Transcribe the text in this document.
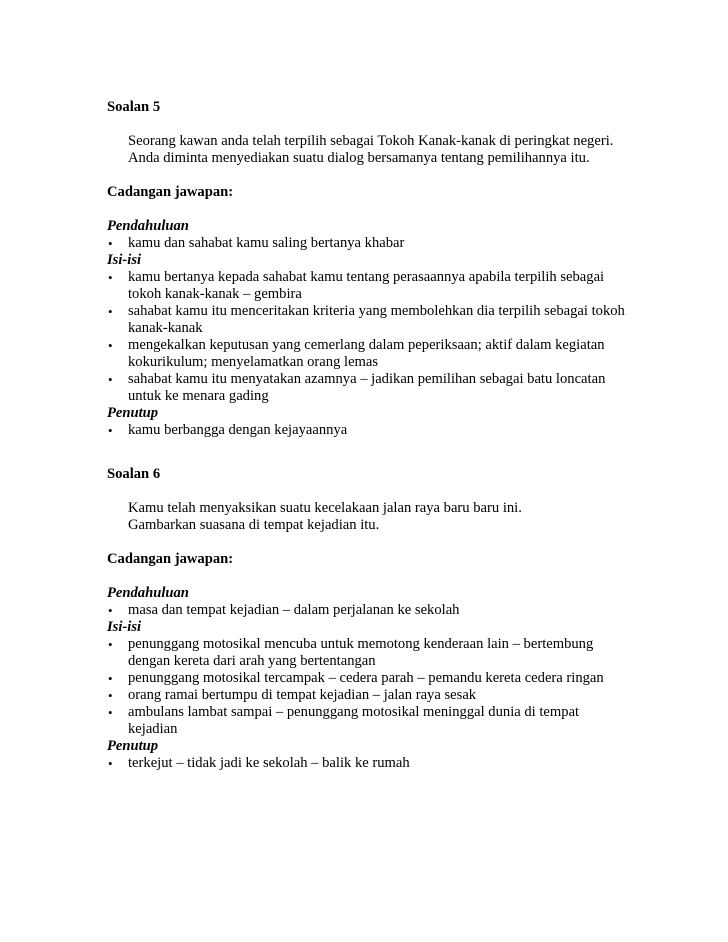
Soalan 5
Seorang kawan anda telah terpilih sebagai Tokoh Kanak-kanak di peringkat negeri.
Anda diminta menyediakan suatu dialog bersamanya tentang pemilihannya itu.
Cadangan jawapan:
Pendahuluan
• kamu dan sahabat kamu saling bertanya khabar
Isi-isi
• kamu bertanya kepada sahabat kamu tentang perasaannya apabila terpilih sebagai
tokoh kanak-kanak – gembira
• sahabat kamu itu menceritakan kriteria yang membolehkan dia terpilih sebagai tokoh
kanak-kanak
• mengekalkan keputusan yang cemerlang dalam peperiksaan; aktif dalam kegiatan
kokurikulum; menyelamatkan orang lemas
• sahabat kamu itu menyatakan azamnya – jadikan pemilihan sebagai batu loncatan
untuk ke menara gading
Penutup
• kamu berbangga dengan kejayaannya
Soalan 6
Kamu telah menyaksikan suatu kecelakaan jalan raya baru baru ini.
Gambarkan suasana di tempat kejadian itu.
Cadangan jawapan:
Pendahuluan
• masa dan tempat kejadian – dalam perjalanan ke sekolah
Isi-isi
• penunggang motosikal mencuba untuk memotong kenderaan lain – bertembung
dengan kereta dari arah yang bertentangan
• penunggang motosikal tercampak – cedera parah – pemandu kereta cedera ringan
• orang ramai bertumpu di tempat kejadian – jalan raya sesak
• ambulans lambat sampai – penunggang motosikal meninggal dunia di tempat
kejadian
Penutup
• terkejut – tidak jadi ke sekolah – balik ke rumah
